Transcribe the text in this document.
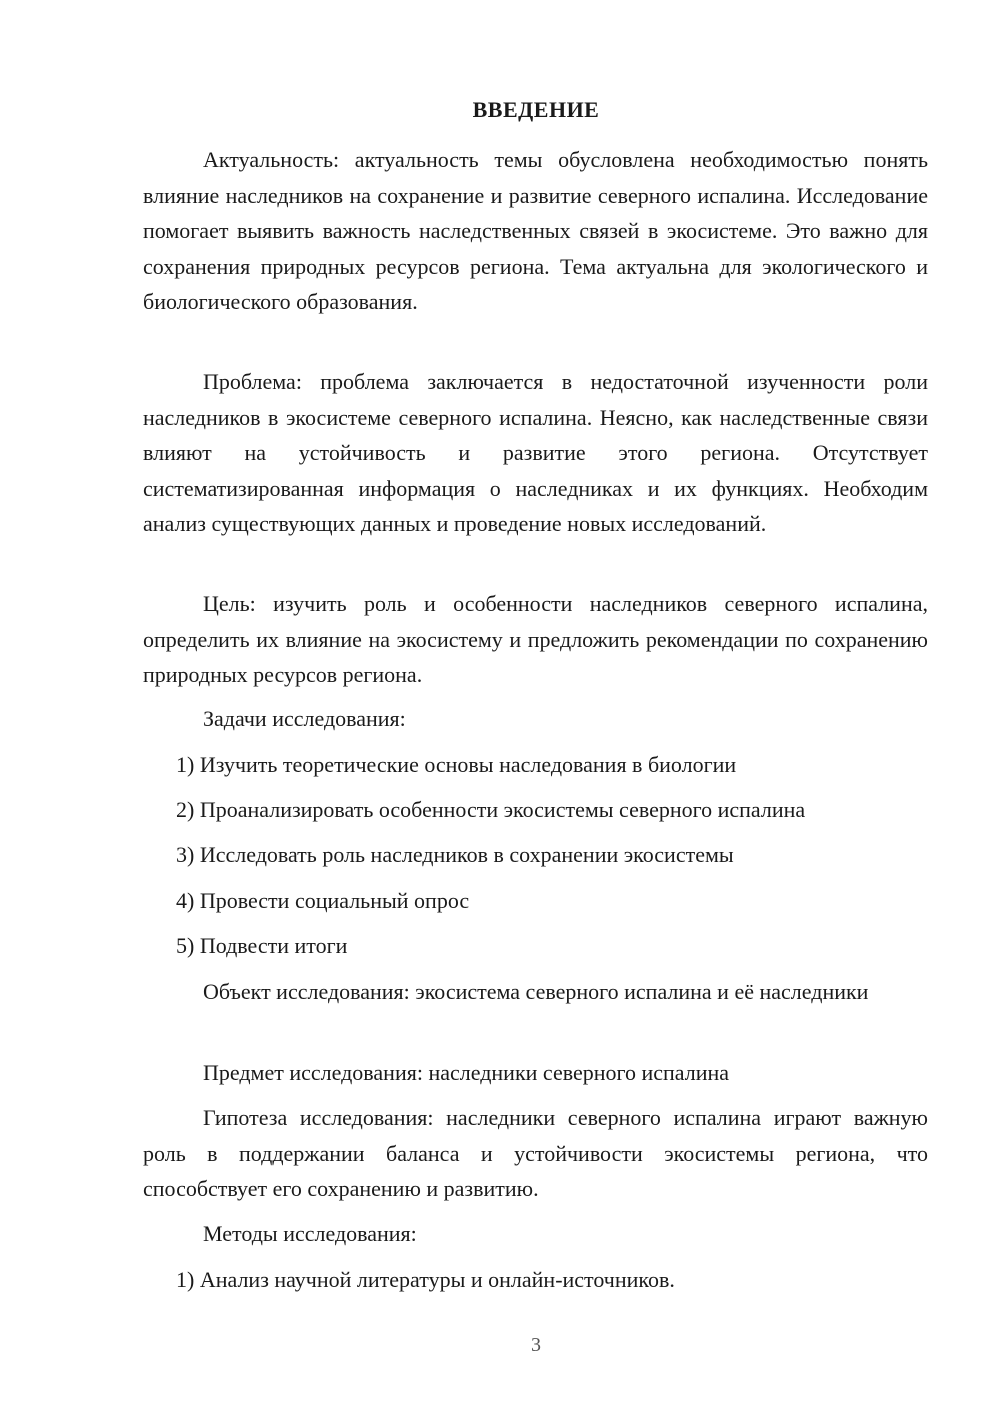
ВВЕДЕНИЕ

Актуальность: актуальность темы обусловлена необходимостью понять влияние наследников на сохранение и развитие северного испалина. Исследование помогает выявить важность наследственных связей в экосистеме. Это важно для сохранения природных ресурсов региона. Тема актуальна для экологического и биологического образования.

Проблема: проблема заключается в недостаточной изученности роли наследников в экосистеме северного испалина. Неясно, как наследственные связи влияют на устойчивость и развитие этого региона. Отсутствует систематизированная информация о наследниках и их функциях. Необходим анализ существующих данных и проведение новых исследований.

Цель: изучить роль и особенности наследников северного испалина, определить их влияние на экосистему и предложить рекомендации по сохранению природных ресурсов региона.

Задачи исследования:

1) Изучить теоретические основы наследования в биологии

2) Проанализировать особенности экосистемы северного испалина

3) Исследовать роль наследников в сохранении экосистемы

4) Провести социальный опрос

5) Подвести итоги

Объект исследования: экосистема северного испалина и её наследники

Предмет исследования: наследники северного испалина

Гипотеза исследования: наследники северного испалина играют важную роль в поддержании баланса и устойчивости экосистемы региона, что способствует его сохранению и развитию.

Методы исследования:

1) Анализ научной литературы и онлайн-источников.

3
